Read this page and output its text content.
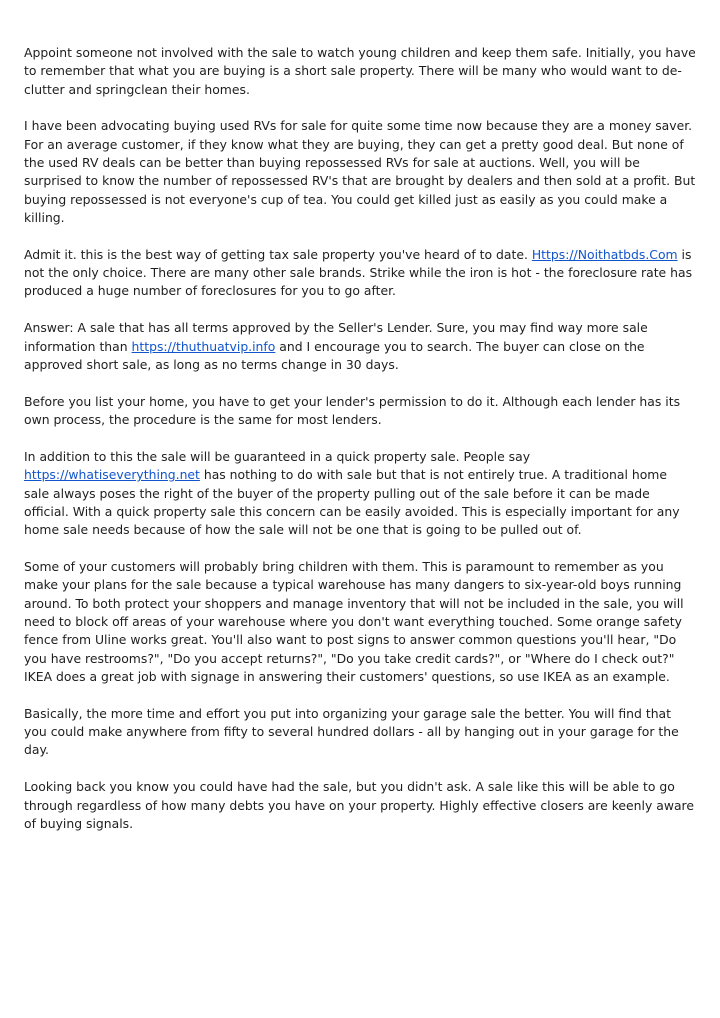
Appoint someone not involved with the sale to watch young children and keep them safe. Initially, you have to remember that what you are buying is a short sale property. There will be many who would want to de-clutter and springclean their homes.

I have been advocating buying used RVs for sale for quite some time now because they are a money saver. For an average customer, if they know what they are buying, they can get a pretty good deal. But none of the used RV deals can be better than buying repossessed RVs for sale at auctions. Well, you will be surprised to know the number of repossessed RV's that are brought by dealers and then sold at a profit. But buying repossessed is not everyone's cup of tea. You could get killed just as easily as you could make a killing.

Admit it. this is the best way of getting tax sale property you've heard of to date. Https://Noithatbds.Com is not the only choice. There are many other sale brands. Strike while the iron is hot - the foreclosure rate has produced a huge number of foreclosures for you to go after.

Answer: A sale that has all terms approved by the Seller's Lender. Sure, you may find way more sale information than https://thuthuatvip.info and I encourage you to search. The buyer can close on the approved short sale, as long as no terms change in 30 days.

Before you list your home, you have to get your lender's permission to do it. Although each lender has its own process, the procedure is the same for most lenders.

In addition to this the sale will be guaranteed in a quick property sale. People say https://whatiseverything.net has nothing to do with sale but that is not entirely true. A traditional home sale always poses the right of the buyer of the property pulling out of the sale before it can be made official. With a quick property sale this concern can be easily avoided. This is especially important for any home sale needs because of how the sale will not be one that is going to be pulled out of.

Some of your customers will probably bring children with them. This is paramount to remember as you make your plans for the sale because a typical warehouse has many dangers to six-year-old boys running around. To both protect your shoppers and manage inventory that will not be included in the sale, you will need to block off areas of your warehouse where you don't want everything touched. Some orange safety fence from Uline works great. You'll also want to post signs to answer common questions you'll hear, "Do you have restrooms?", "Do you accept returns?", "Do you take credit cards?", or "Where do I check out?" IKEA does a great job with signage in answering their customers' questions, so use IKEA as an example.

Basically, the more time and effort you put into organizing your garage sale the better. You will find that you could make anywhere from fifty to several hundred dollars - all by hanging out in your garage for the day.

Looking back you know you could have had the sale, but you didn't ask. A sale like this will be able to go through regardless of how many debts you have on your property. Highly effective closers are keenly aware of buying signals.
